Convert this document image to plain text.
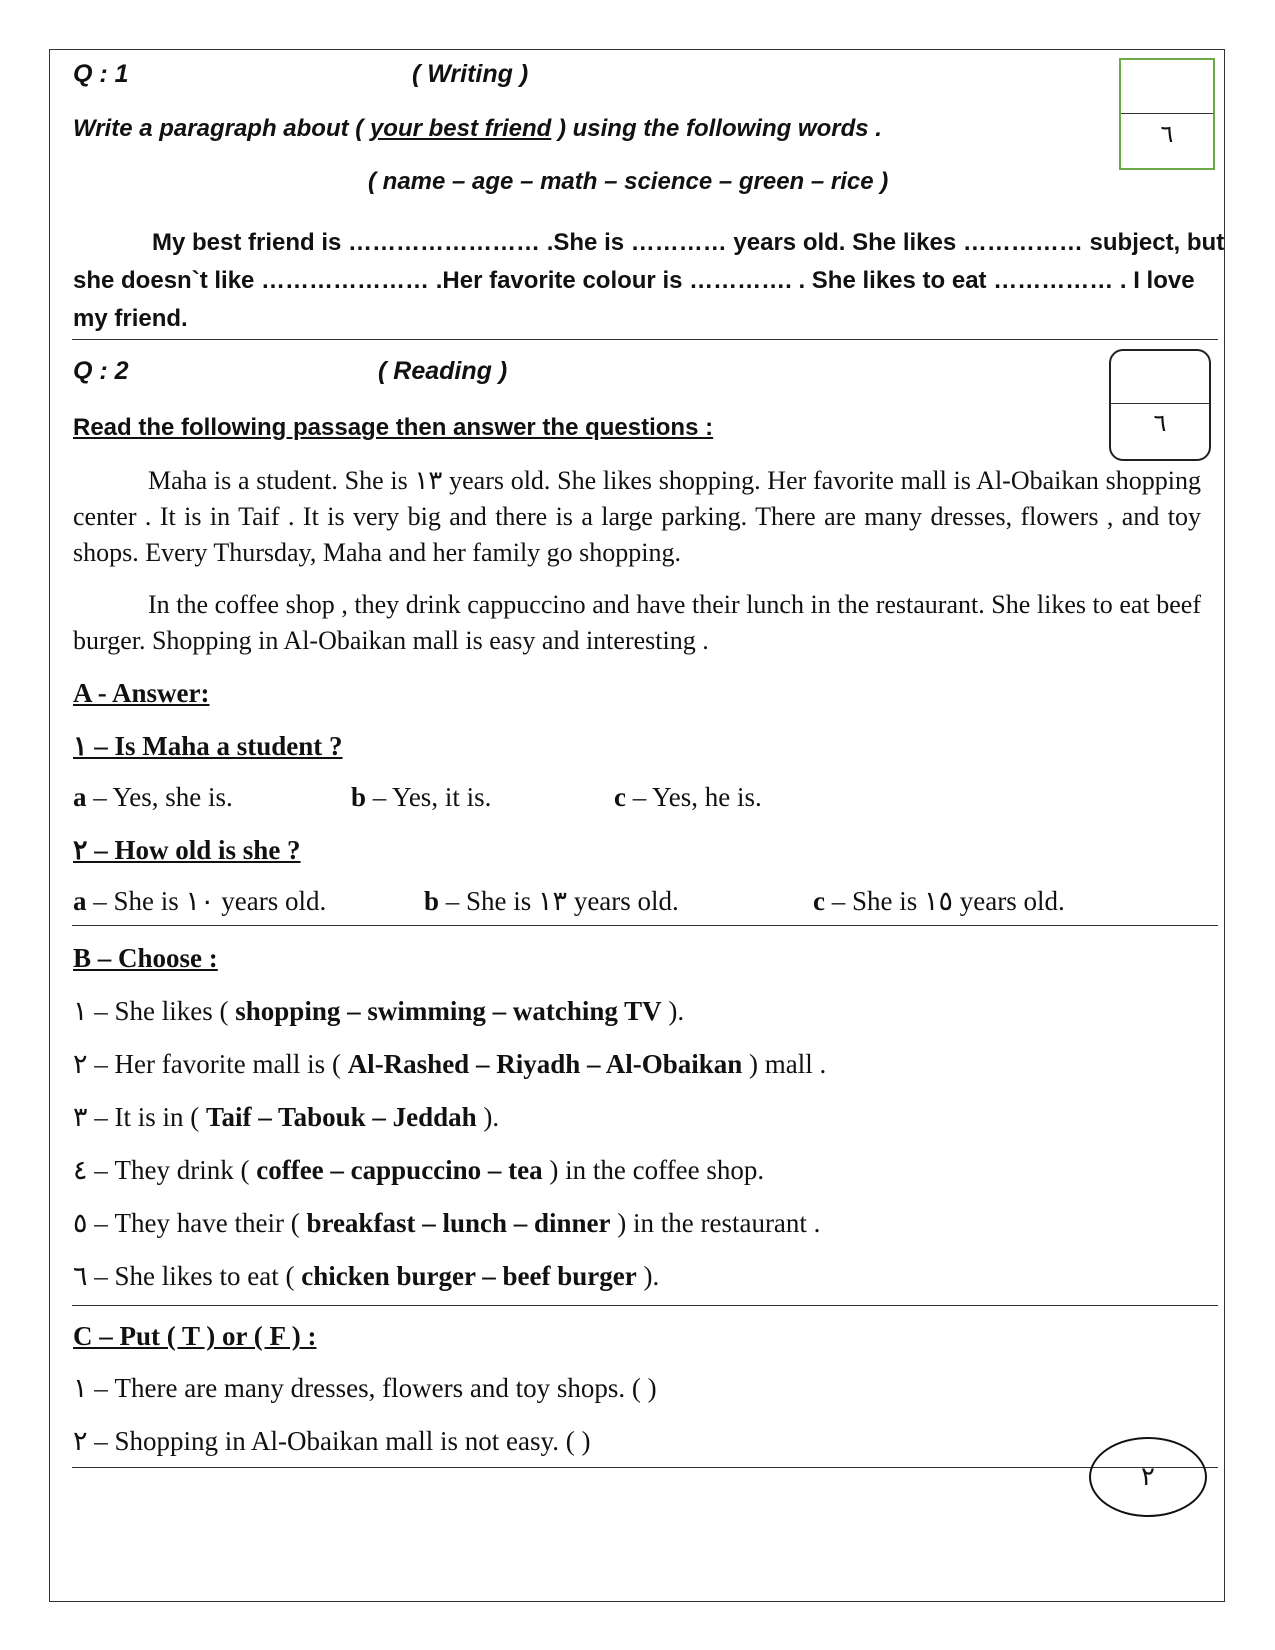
Q : 1	( Writing )
٦
Write a paragraph about ( your best friend ) using the following words .
( name – age – math – science – green – rice )
My best friend is …………………… .She is ………… years old. She likes …………… subject, but
she doesn`t like ………………… .Her favorite colour is …………. . She likes to eat …………… . I love
my friend.
Q : 2	( Reading )
٦
Read the following passage then answer the questions :
Maha is a student. She is ١٣ years old. She likes shopping. Her favorite mall is Al-Obaikan shopping center . It is in Taif . It is very big and there is a large parking. There are many dresses, flowers , and toy shops. Every Thursday, Maha and her family go shopping.
In the coffee shop , they drink cappuccino and have their lunch in the restaurant. She likes to eat beef burger. Shopping in Al-Obaikan mall is easy and interesting .
A - Answer:
١ – Is Maha a student ?
a – Yes, she is.	b – Yes, it is.	c – Yes, he is.
٢ – How old is she ?
a – She is ١٠ years old.	b – She is ١٣ years old.	c – She is ١٥ years old.
B – Choose :
١ – She likes ( shopping – swimming – watching TV ).
٢ – Her favorite mall is ( Al-Rashed – Riyadh – Al-Obaikan ) mall .
٣ – It is in ( Taif – Tabouk – Jeddah ).
٤ – They drink ( coffee – cappuccino – tea ) in the coffee shop.
٥ – They have their ( breakfast – lunch – dinner ) in the restaurant .
٦ – She likes to eat ( chicken burger – beef burger ).
C – Put ( T ) or ( F ) :
١ – There are many dresses, flowers and toy shops. ( )
٢ – Shopping in Al-Obaikan mall is not easy. ( )
٢
